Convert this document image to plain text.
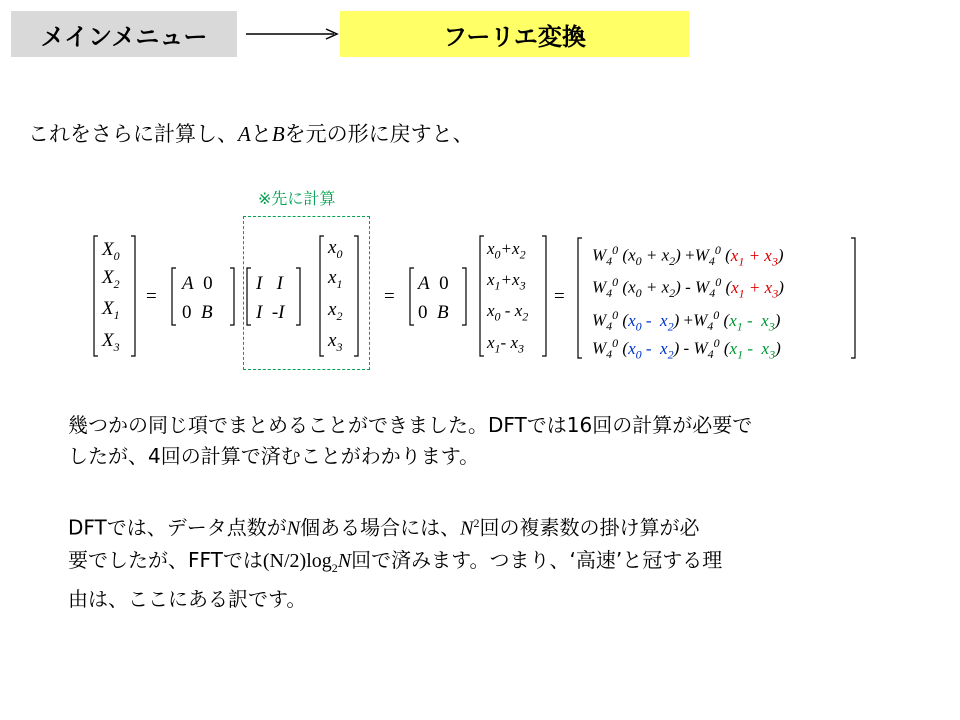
メインメニュー	フーリエ変換
これをさらに計算し、AとBを元の形に戻すと、
※先に計算
$X_0$
$X_2$
$X_1$
$X_3$
=
A  0
0  B
I   I
I  -I
$x_0$
$x_1$
$x_2$
$x_3$
=
A  0
0  B
$x_0+x_2$
$x_1+x_3$
$x_0 - x_2$
$x_1-$ $x_3$
=
$W_4^0$ $(x_0 + x_2) +W_4^0$ $(x_1 + x_3)$
$W_4^0$ $(x_0 + x_2) - W_4^0$ $(x_1 + x_3)$
$W_4^0$ $(x_0 - x_2) +W_4^0$ $(x_1 - x_3)$
$W_4^0$ $(x_0 - x_2) - W_4^0$ $(x_1 - x_3)$
幾つかの同じ項でまとめることができました。DFTでは16回の計算が必要で
したが、4回の計算で済むことがわかります。
DFTでは、データ点数がN個ある場合には、$N^2$回の複素数の掛け算が必
要でしたが、FFTでは$(N/2)\log_2N$回で済みます。つまり、‘高速’と冠する理
由は、ここにある訳です。
